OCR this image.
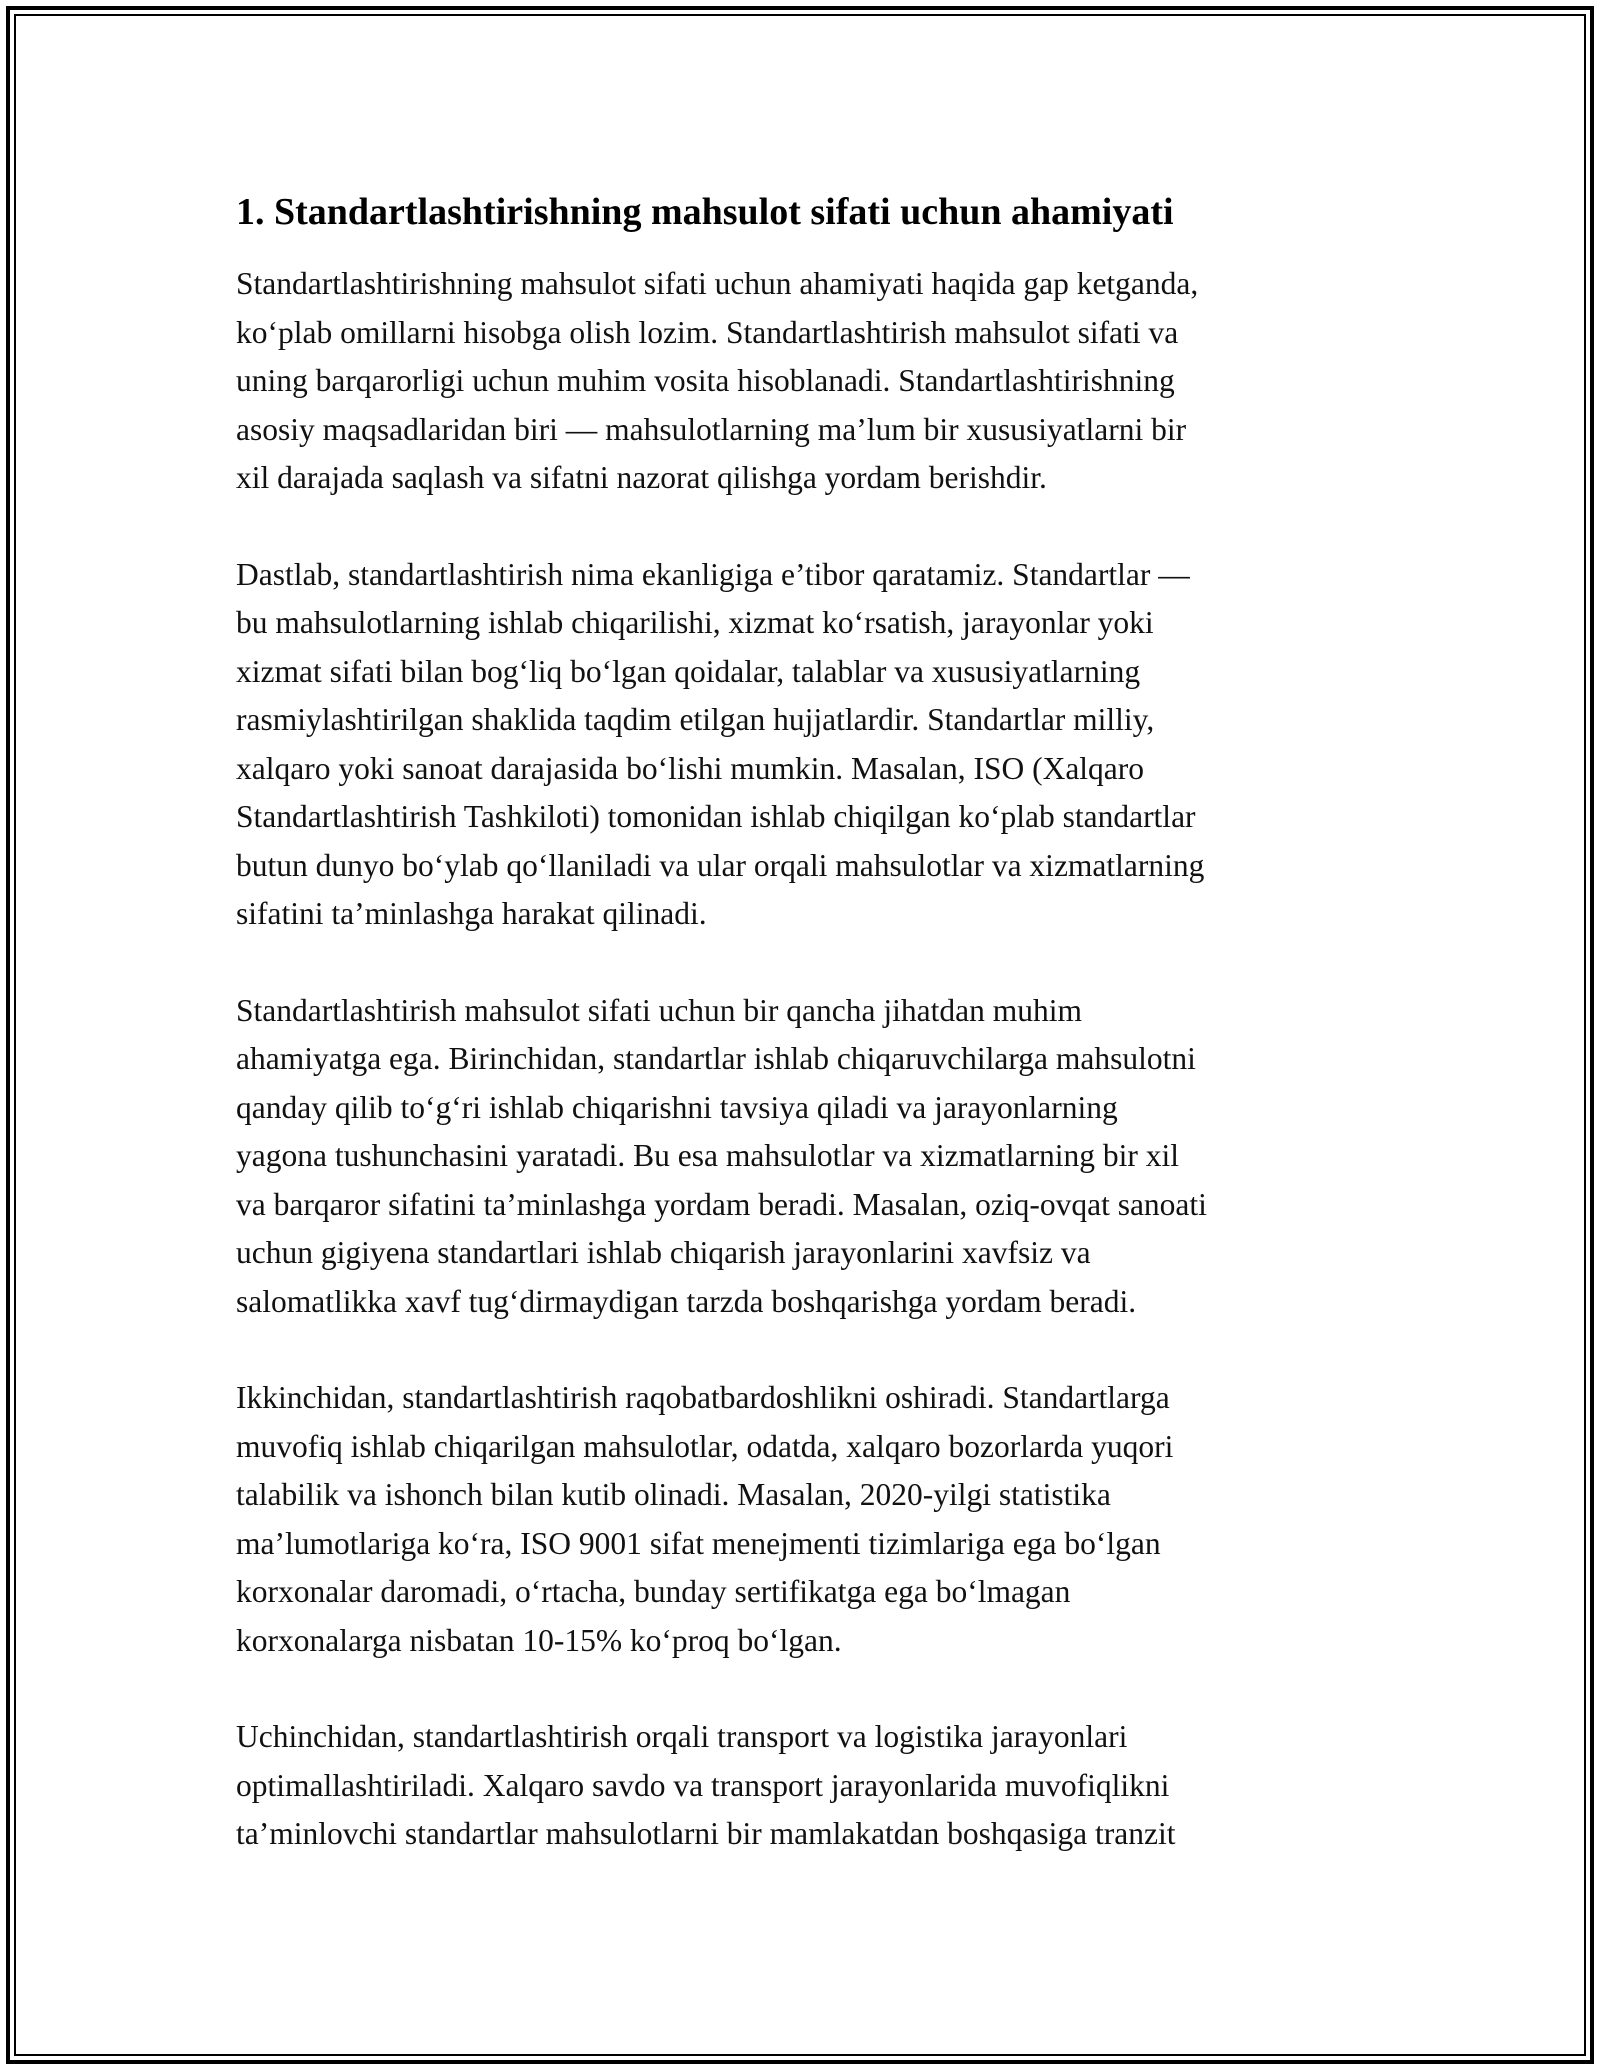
1. Standartlashtirishning mahsulot sifati uchun ahamiyati
Standartlashtirishning mahsulot sifati uchun ahamiyati haqida gap ketganda,
ko‘plab omillarni hisobga olish lozim. Standartlashtirish mahsulot sifati va
uning barqarorligi uchun muhim vosita hisoblanadi. Standartlashtirishning
asosiy maqsadlaridan biri — mahsulotlarning ma’lum bir xususiyatlarni bir
xil darajada saqlash va sifatni nazorat qilishga yordam berishdir.
Dastlab, standartlashtirish nima ekanligiga e’tibor qaratamiz. Standartlar —
bu mahsulotlarning ishlab chiqarilishi, xizmat ko‘rsatish, jarayonlar yoki
xizmat sifati bilan bog‘liq bo‘lgan qoidalar, talablar va xususiyatlarning
rasmiylashtirilgan shaklida taqdim etilgan hujjatlardir. Standartlar milliy,
xalqaro yoki sanoat darajasida bo‘lishi mumkin. Masalan, ISO (Xalqaro
Standartlashtirish Tashkiloti) tomonidan ishlab chiqilgan ko‘plab standartlar
butun dunyo bo‘ylab qo‘llaniladi va ular orqali mahsulotlar va xizmatlarning
sifatini ta’minlashga harakat qilinadi.
Standartlashtirish mahsulot sifati uchun bir qancha jihatdan muhim
ahamiyatga ega. Birinchidan, standartlar ishlab chiqaruvchilarga mahsulotni
qanday qilib to‘g‘ri ishlab chiqarishni tavsiya qiladi va jarayonlarning
yagona tushunchasini yaratadi. Bu esa mahsulotlar va xizmatlarning bir xil
va barqaror sifatini ta’minlashga yordam beradi. Masalan, oziq-ovqat sanoati
uchun gigiyena standartlari ishlab chiqarish jarayonlarini xavfsiz va
salomatlikka xavf tug‘dirmaydigan tarzda boshqarishga yordam beradi.
Ikkinchidan, standartlashtirish raqobatbardoshlikni oshiradi. Standartlarga
muvofiq ishlab chiqarilgan mahsulotlar, odatda, xalqaro bozorlarda yuqori
talabilik va ishonch bilan kutib olinadi. Masalan, 2020-yilgi statistika
ma’lumotlariga ko‘ra, ISO 9001 sifat menejmenti tizimlariga ega bo‘lgan
korxonalar daromadi, o‘rtacha, bunday sertifikatga ega bo‘lmagan
korxonalarga nisbatan 10-15% ko‘proq bo‘lgan.
Uchinchidan, standartlashtirish orqali transport va logistika jarayonlari
optimallashtiriladi. Xalqaro savdo va transport jarayonlarida muvofiqlikni
ta’minlovchi standartlar mahsulotlarni bir mamlakatdan boshqasiga tranzit
